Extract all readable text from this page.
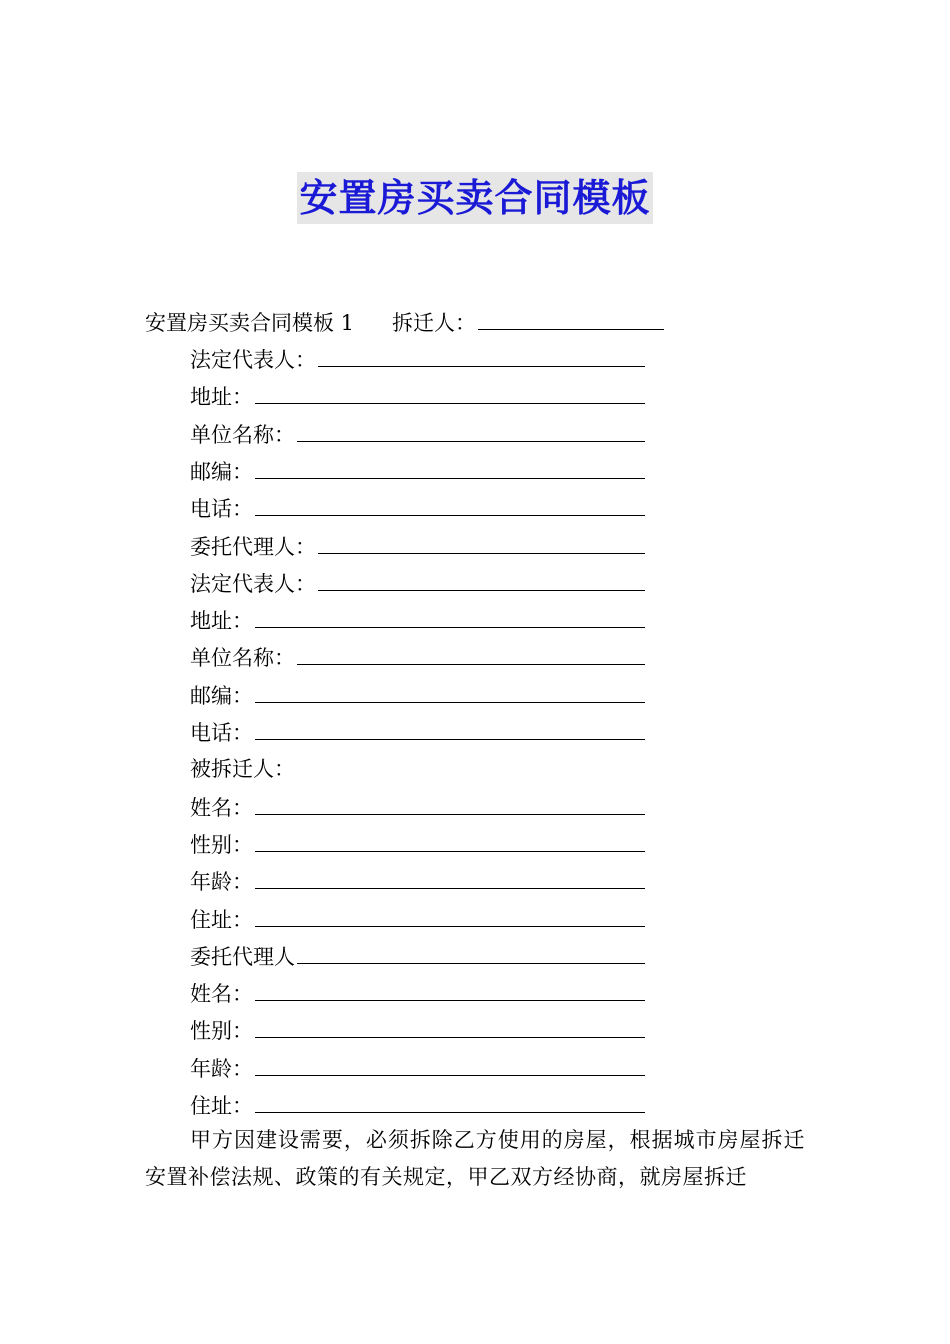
安置房买卖合同模板
安置房买卖合同模板 1 拆迁人：
法定代表人：
地址：
单位名称：
邮编：
电话：
委托代理人：
法定代表人：
地址：
单位名称：
邮编：
电话：
被拆迁人：
姓名：
性别：
年龄：
住址：
委托代理人
姓名：
性别：
年龄：
住址：
甲方因建设需要，必须拆除乙方使用的房屋，根据城市房屋拆迁安置补偿法规、政策的有关规定，甲乙双方经协商，就房屋拆迁
